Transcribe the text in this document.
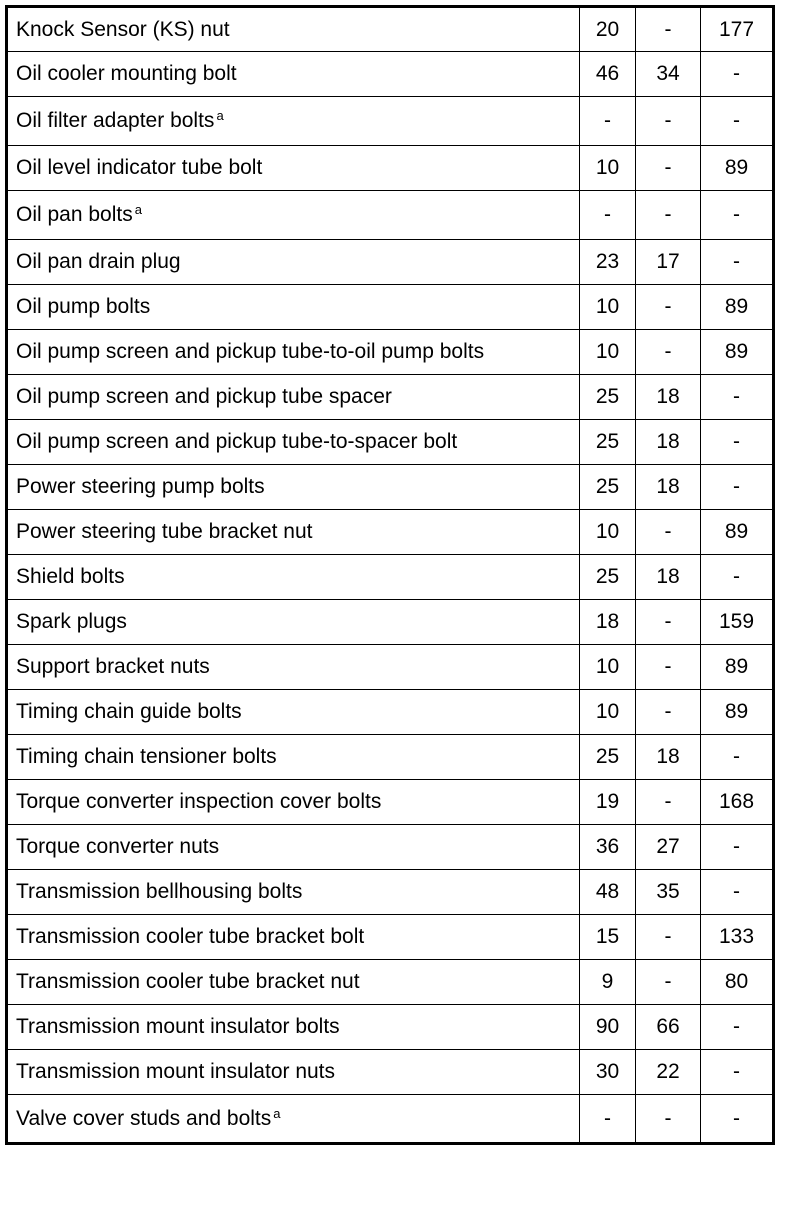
Knock Sensor (KS) nut	20	-	177
Oil cooler mounting bolt	46	34	-
Oil filter adapter bolts $^a$	-	-	-
Oil level indicator tube bolt	10	-	89
Oil pan bolts $^a$	-	-	-
Oil pan drain plug	23	17	-
Oil pump bolts	10	-	89
Oil pump screen and pickup tube-to-oil pump bolts	10	-	89
Oil pump screen and pickup tube spacer	25	18	-
Oil pump screen and pickup tube-to-spacer bolt	25	18	-
Power steering pump bolts	25	18	-
Power steering tube bracket nut	10	-	89
Shield bolts	25	18	-
Spark plugs	18	-	159
Support bracket nuts	10	-	89
Timing chain guide bolts	10	-	89
Timing chain tensioner bolts	25	18	-
Torque converter inspection cover bolts	19	-	168
Torque converter nuts	36	27	-
Transmission bellhousing bolts	48	35	-
Transmission cooler tube bracket bolt	15	-	133
Transmission cooler tube bracket nut	9	-	80
Transmission mount insulator bolts	90	66	-
Transmission mount insulator nuts	30	22	-
Valve cover studs and bolts $^a$	-	-	-
